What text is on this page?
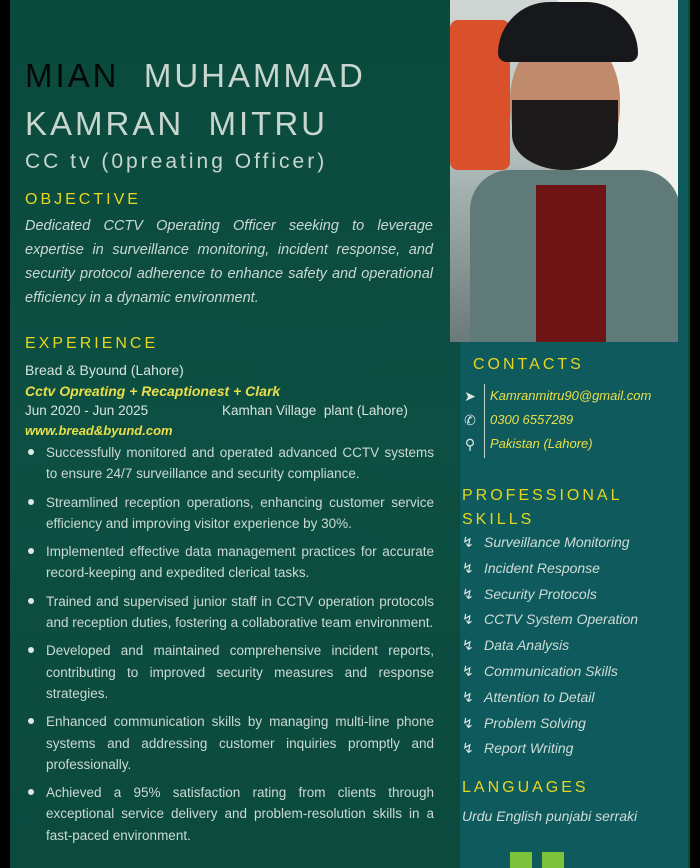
MIAN MUHAMMAD
KAMRAN  MITRU
CC tv (0preating Officer)
OBJECTIVE
Dedicated CCTV Operating Officer seeking to leverage expertise in surveillance monitoring, incident response, and security protocol adherence to enhance safety and operational efficiency in a dynamic environment.
EXPERIENCE
Bread & Byound (Lahore)
Cctv Opreating + Recaptionest + Clark
Jun 2020 - Jun 2025	Kamhan Village  plant (Lahore)
www.bread&byund.com
Successfully monitored and operated advanced CCTV systems to ensure 24/7 surveillance and security compliance.
Streamlined reception operations, enhancing customer service efficiency and improving visitor experience by 30%.
Implemented effective data management practices for accurate record-keeping and expedited clerical tasks.
Trained and supervised junior staff in CCTV operation protocols and reception duties, fostering a collaborative team environment.
Developed and maintained comprehensive incident reports, contributing to improved security measures and response strategies.
Enhanced communication skills by managing multi-line phone systems and addressing customer inquiries promptly and professionally.
Achieved a 95% satisfaction rating from clients through exceptional service delivery and problem-resolution skills in a fast-paced environment.
CONTACTS
➤ Kamranmitru90@gmail.com
✆ 0300 6557289
⚲ Pakistan (Lahore)
PROFESSIONAL
SKILLS
↯ Surveillance Monitoring
↯ Incident Response
↯ Security Protocols
↯ CCTV System Operation
↯ Data Analysis
↯ Communication Skills
↯ Attention to Detail
↯ Problem Solving
↯ Report Writing
LANGUAGES
Urdu English punjabi serraki
